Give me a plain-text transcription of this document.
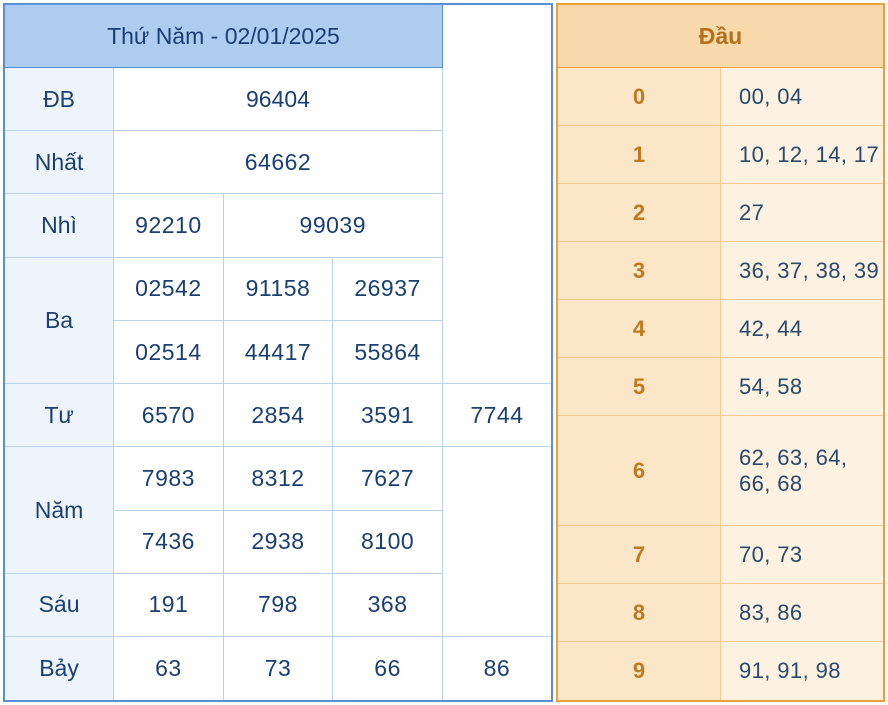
Thứ Năm - 02/01/2025				
ĐB	96404			
Nhất	64662			
Nhì	92210	99039		
Ba	02542	91158	26937	
	02514	44417	55864	
Tư	6570	2854	3591	7744
Năm	7983	8312	7627	
	7436	2938	8100	
Sáu	191	798	368	
Bảy	63	73	66	86
Đầu	
0	00, 04
1	10, 12, 14, 17
2	27
3	36, 37, 38, 39
4	42, 44
5	54, 58
6	62, 63, 64, 66, 68
7	70, 73
8	83, 86
9	91, 91, 98
